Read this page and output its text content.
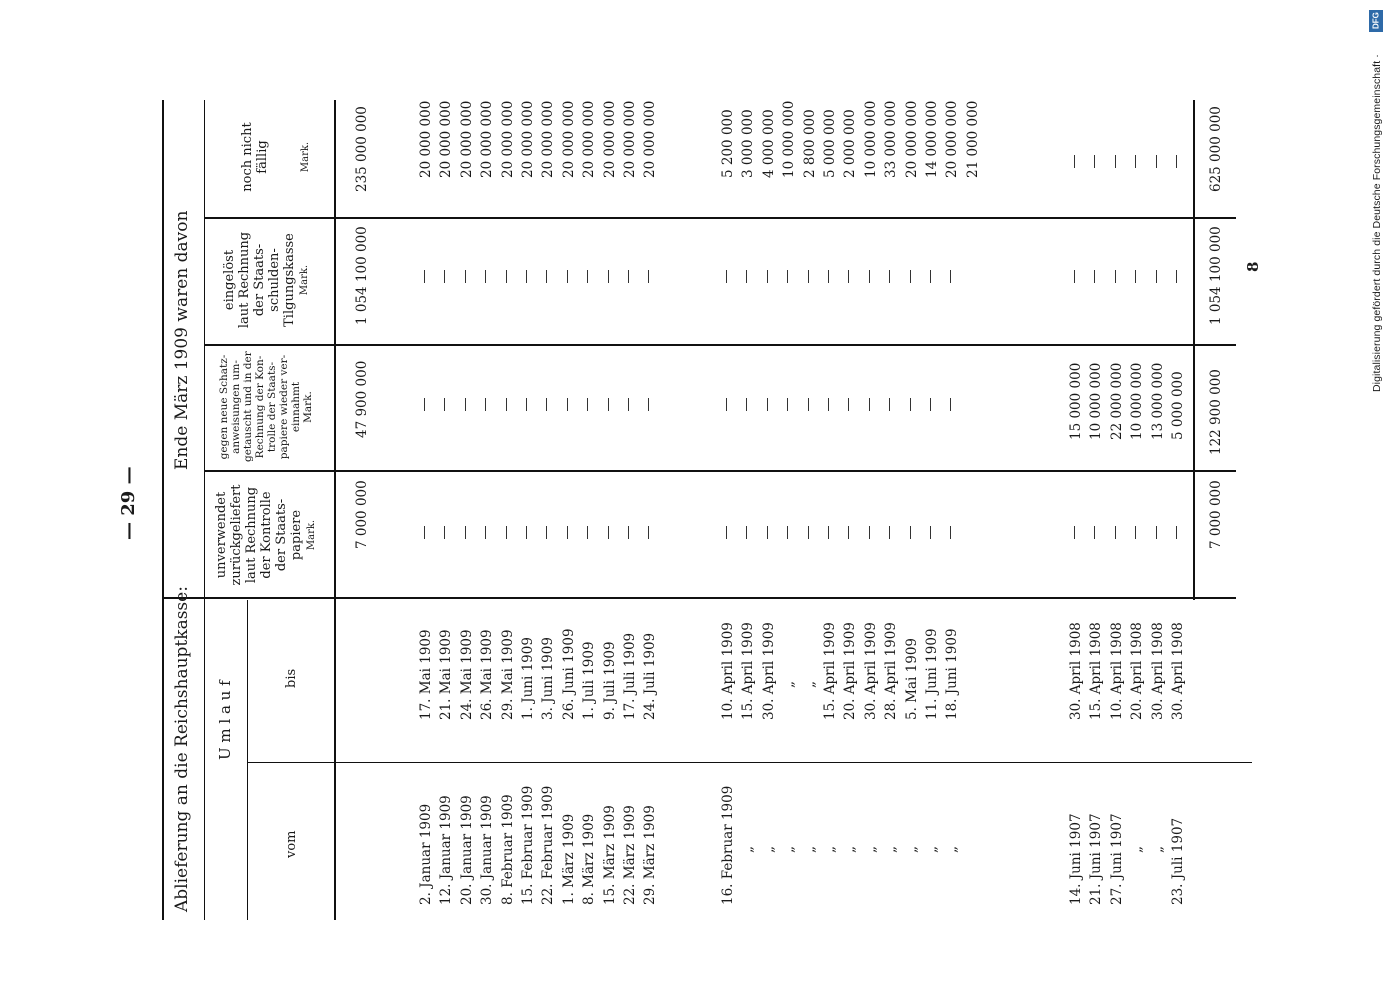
Digitalisierung gefördert durch die Deutsche Forschungsgemeinschaft ·
DFG
— 29 —
Ablieferung an die Reichshauptkasse:
Ende März 1909 waren davon
U m l a u f
vom
bis
unverwendet zurückgeliefert laut Rechnung der Kontrolle der Staats- papiere Mark.
gegen neue Schatz- anweisungen um- getauscht und in der Rechnung der Kon- trolle der Staats- papiere wieder ver- einnahmt Mark.
eingelöst laut Rechnung der Staats- schulden- Tilgungskasse Mark.
noch nicht fällig	Mark.
7 000 000
47 900 000
1 054 100 000
235 000 000
7 000 000
122 900 000
1 054 100 000
625 000 000
8
2. Januar 1909
17. Mai 1909
20 000 000
12. Januar 1909
21. Mai 1909
20 000 000
20. Januar 1909
24. Mai 1909
20 000 000
30. Januar 1909
26. Mai 1909
20 000 000
8. Februar 1909
29. Mai 1909
20 000 000
15. Februar 1909
1. Juni 1909
20 000 000
22. Februar 1909
3. Juni 1909
20 000 000
1. März 1909
26. Juni 1909
20 000 000
8. März 1909
1. Juli 1909
20 000 000
15. März 1909
9. Juli 1909
20 000 000
22. März 1909
17. Juli 1909
20 000 000
29. März 1909
24. Juli 1909
20 000 000
16. Februar 1909
10. April 1909
„
15. April 1909
„
30. April 1909
„
„
„
„
„
15. April 1909
„
20. April 1909
„
30. April 1909
„
28. April 1909
„
5. Mai 1909
„
11. Juni 1909
„
18. Juni 1909
5 200 000 3 000 000 4 000 000 10 000 000 2 800 000 5 000 000 2 000 000 10 000 000 33 000 000 20 000 000 14 000 000 20 000 000 21 000 000
14. Juni 1907
30. April 1908
15 000 000
21. Juni 1907
15. April 1908
10 000 000
27. Juni 1907
10. April 1908
22 000 000
„
20. April 1908
10 000 000
„
30. April 1908
13 000 000
23. Juli 1907
30. April 1908
5 000 000
